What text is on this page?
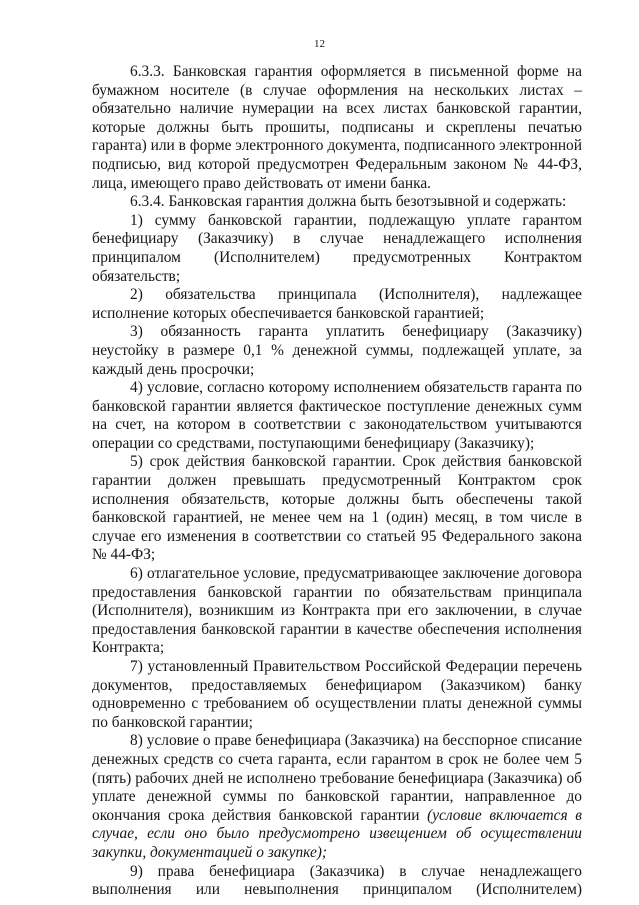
12

6.3.3. Банковская гарантия оформляется в письменной форме на бумажном носителе (в случае оформления на нескольких листах – обязательно наличие нумерации на всех листах банковской гарантии, которые должны быть прошиты, подписаны и скреплены печатью гаранта) или в форме электронного документа, подписанного электронной подписью, вид которой предусмотрен Федеральным законом № 44-ФЗ, лица, имеющего право действовать от имени банка.

6.3.4. Банковская гарантия должна быть безотзывной и содержать:

1) сумму банковской гарантии, подлежащую уплате гарантом бенефициару (Заказчику) в случае ненадлежащего исполнения принципалом (Исполнителем) предусмотренных Контрактом обязательств;

2) обязательства принципала (Исполнителя), надлежащее исполнение которых обеспечивается банковской гарантией;

3) обязанность гаранта уплатить бенефициару (Заказчику) неустойку в размере 0,1 % денежной суммы, подлежащей уплате, за каждый день просрочки;

4) условие, согласно которому исполнением обязательств гаранта по банковской гарантии является фактическое поступление денежных сумм на счет, на котором в соответствии с законодательством учитываются операции со средствами, поступающими бенефициару (Заказчику);

5) срок действия банковской гарантии. Срок действия банковской гарантии должен превышать предусмотренный Контрактом срок исполнения обязательств, которые должны быть обеспечены такой банковской гарантией, не менее чем на 1 (один) месяц, в том числе в случае его изменения в соответствии со статьей 95 Федерального закона № 44-ФЗ;

6) отлагательное условие, предусматривающее заключение договора предоставления банковской гарантии по обязательствам принципала (Исполнителя), возникшим из Контракта при его заключении, в случае предоставления банковской гарантии в качестве обеспечения исполнения Контракта;

7) установленный Правительством Российской Федерации перечень документов, предоставляемых бенефициаром (Заказчиком) банку одновременно с требованием об осуществлении платы денежной суммы по банковской гарантии;

8) условие о праве бенефициара (Заказчика) на бесспорное списание денежных средств со счета гаранта, если гарантом в срок не более чем 5 (пять) рабочих дней не исполнено требование бенефициара (Заказчика) об уплате денежной суммы по банковской гарантии, направленное до окончания срока действия банковской гарантии (условие включается в случае, если оно было предусмотрено извещением об осуществлении закупки, документацией о закупке);

9) права бенефициара (Заказчика) в случае ненадлежащего выполнения или невыполнения принципалом (Исполнителем)
